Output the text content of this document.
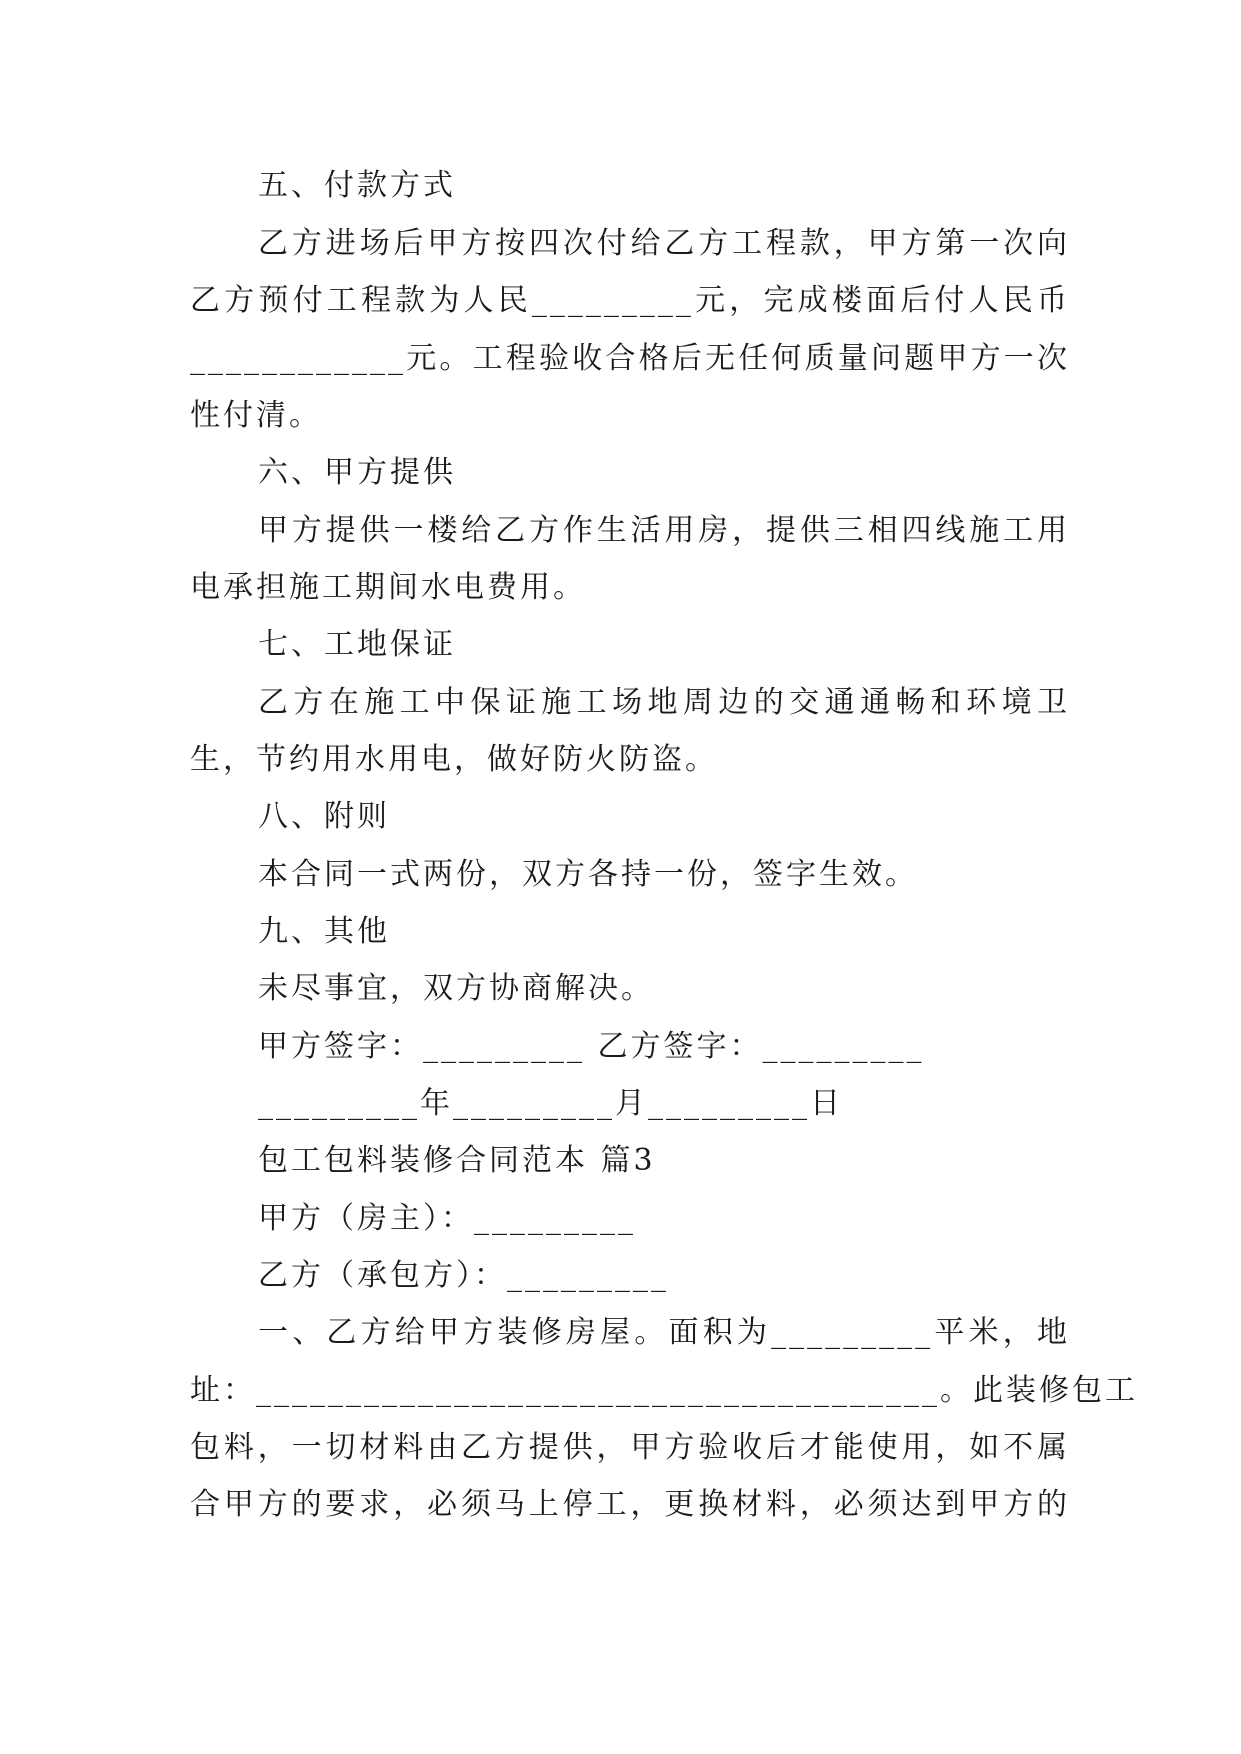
五、付款方式
乙方进场后甲方按四次付给乙方工程款，甲方第一次向
乙方预付工程款为人民_________元，完成楼面后付人民币
____________元。工程验收合格后无任何质量问题甲方一次
性付清。
六、甲方提供
甲方提供一楼给乙方作生活用房，提供三相四线施工用
电承担施工期间水电费用。
七、工地保证
乙方在施工中保证施工场地周边的交通通畅和环境卫
生，节约用水用电，做好防火防盗。
八、附则
本合同一式两份，双方各持一份，签字生效。
九、其他
未尽事宜，双方协商解决。
甲方签字：_________ 乙方签字：_________
_________年_________月_________日
包工包料装修合同范本 篇3
甲方（房主）：_________
乙方（承包方）：_________
一、乙方给甲方装修房屋。面积为_________平米，地
址：______________________________________。此装修包工
包料，一切材料由乙方提供，甲方验收后才能使用，如不属
合甲方的要求，必须马上停工，更换材料，必须达到甲方的
